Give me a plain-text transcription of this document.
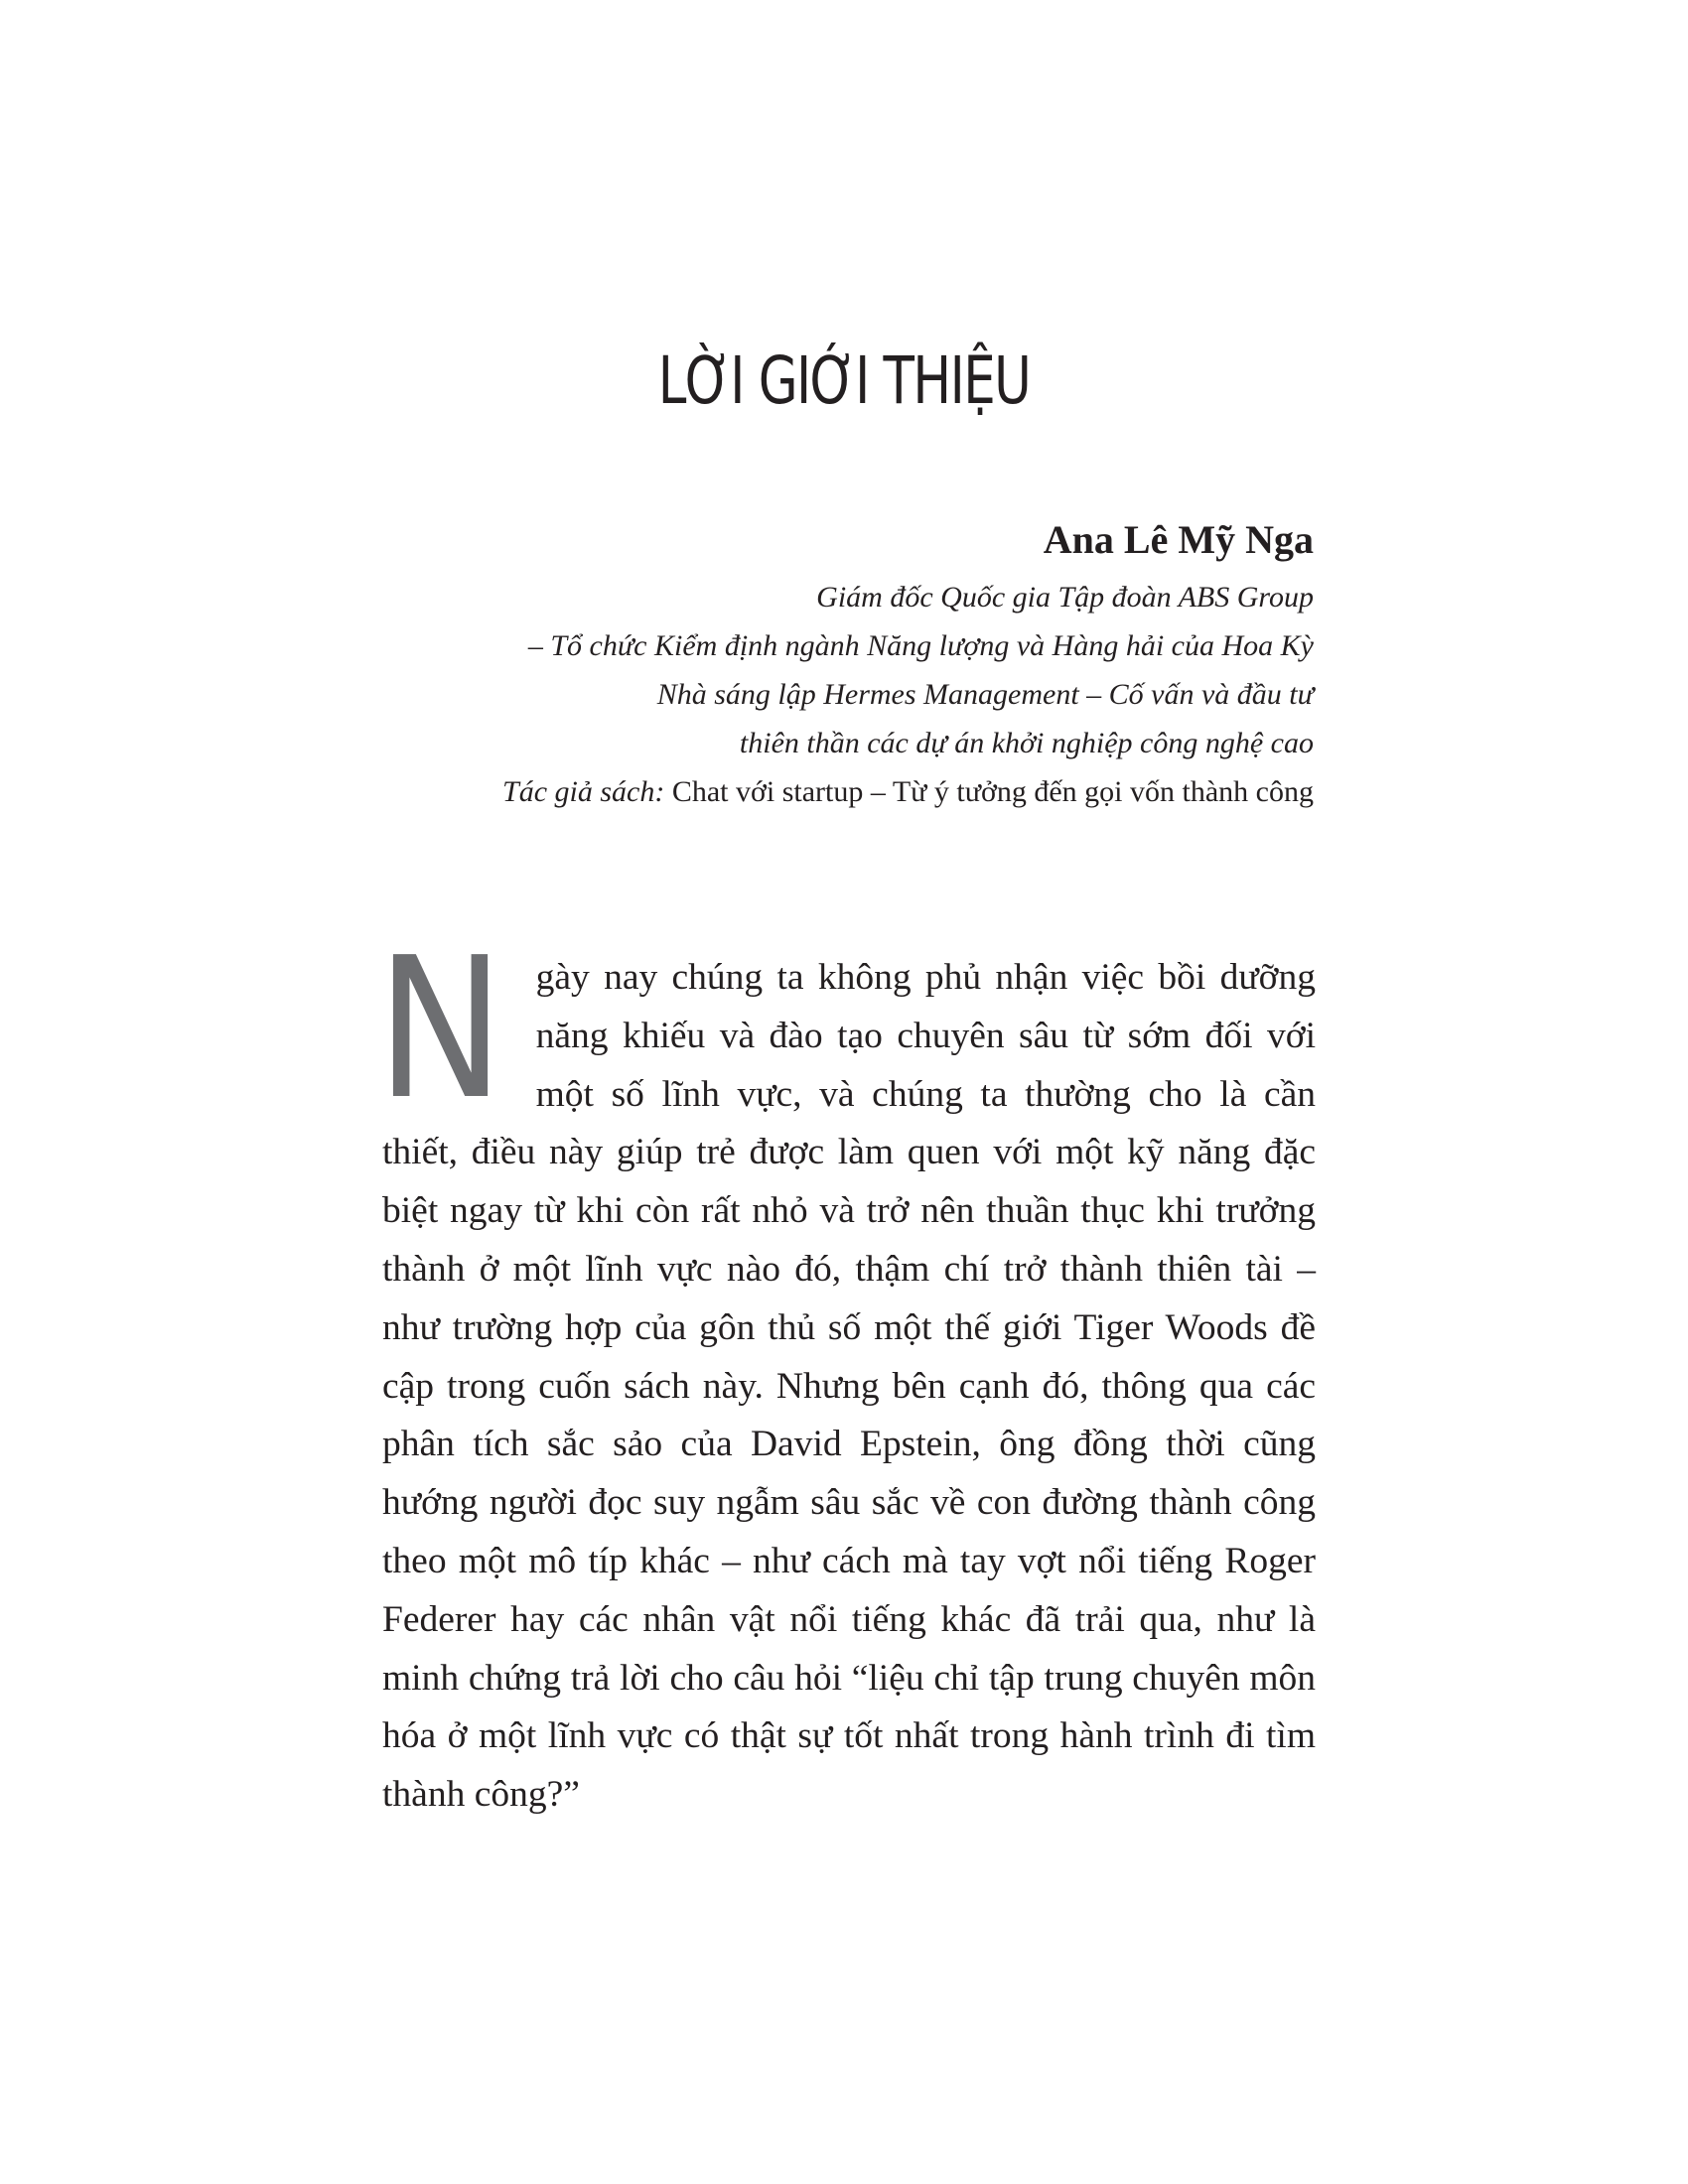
LỜI GIỚI THIỆU
Ana Lê Mỹ Nga
Giám đốc Quốc gia Tập đoàn ABS Group
– Tổ chức Kiểm định ngành Năng lượng và Hàng hải của Hoa Kỳ
Nhà sáng lập Hermes Management – Cố vấn và đầu tư
thiên thần các dự án khởi nghiệp công nghệ cao
Tác giả sách: Chat với startup – Từ ý tưởng đến gọi vốn thành công

Ngày nay chúng ta không phủ nhận việc bồi dưỡng năng khiếu và đào tạo chuyên sâu từ sớm đối với một số lĩnh vực, và chúng ta thường cho là cần thiết, điều này giúp trẻ được làm quen với một kỹ năng đặc biệt ngay từ khi còn rất nhỏ và trở nên thuần thục khi trưởng thành ở một lĩnh vực nào đó, thậm chí trở thành thiên tài – như trường hợp của gôn thủ số một thế giới Tiger Woods đề cập trong cuốn sách này. Nhưng bên cạnh đó, thông qua các phân tích sắc sảo của David Epstein, ông đồng thời cũng hướng người đọc suy ngẫm sâu sắc về con đường thành công theo một mô típ khác – như cách mà tay vợt nổi tiếng Roger Federer hay các nhân vật nổi tiếng khác đã trải qua, như là minh chứng trả lời cho câu hỏi “liệu chỉ tập trung chuyên môn hóa ở một lĩnh vực có thật sự tốt nhất trong hành trình đi tìm thành công?”
